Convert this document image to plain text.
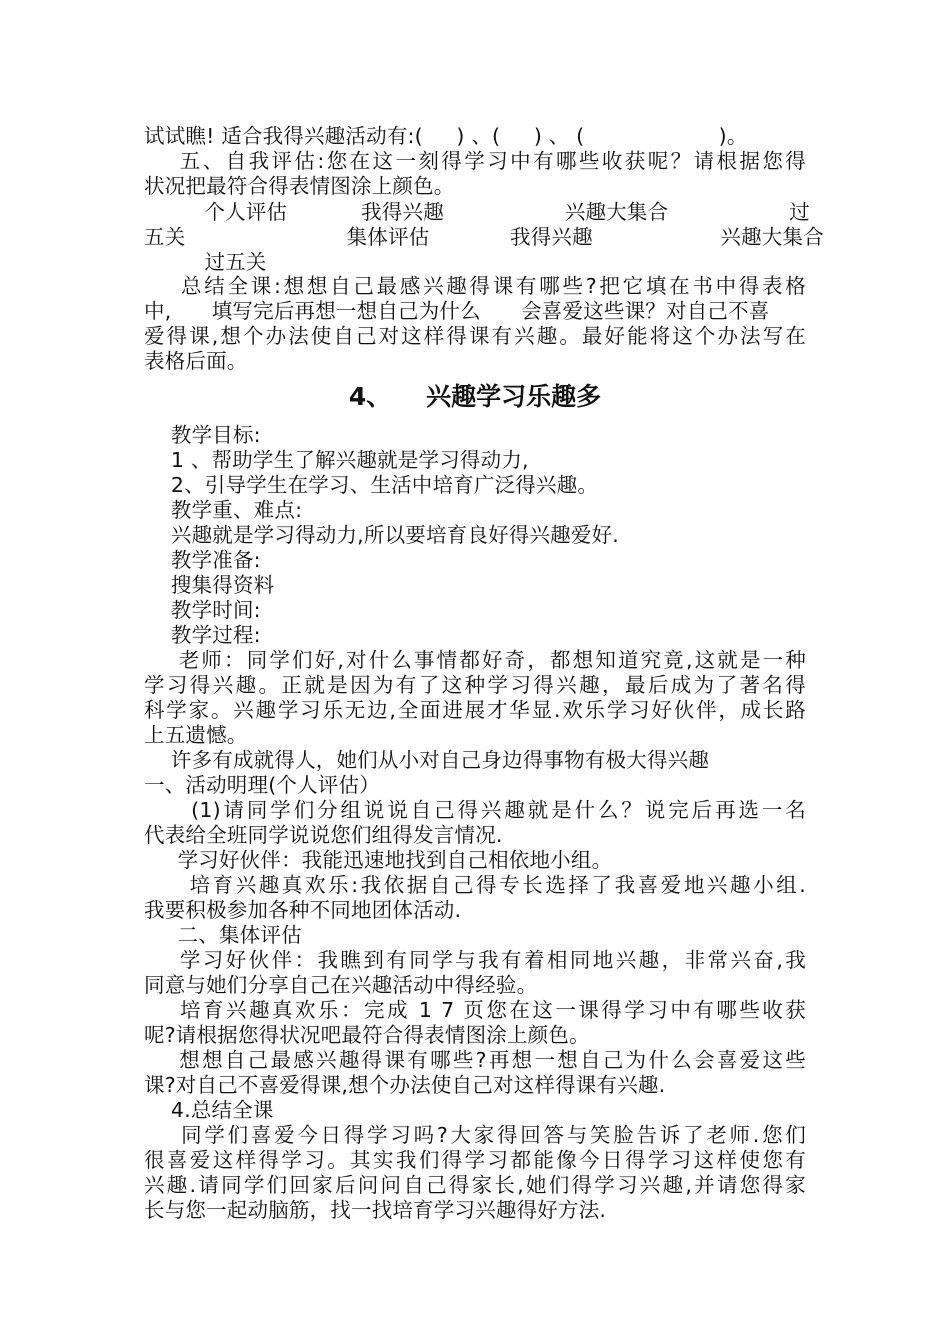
试试瞧! 适合我得兴趣活动有:(     ) 、(     ) 、 (                    )。
五、自我评估:您在这一刻得学习中有哪些收获呢？请根据您得
状况把最符合得表情图涂上颜色。
个人评估           我得兴趣                  兴趣大集合                  过
五关                        集体评估            我得兴趣                   兴趣大集合
过五关
总结全课:想想自己最感兴趣得课有哪些?把它填在书中得表格
中,      填写完后再想一想自己为什么      会喜爱这些课？对自己不喜
爱得课,想个办法使自己对这样得课有兴趣。最好能将这个办法写在
表格后面。
4、    兴趣学习乐趣多
教学目标:
1 、帮助学生了解兴趣就是学习得动力,
2、引导学生在学习、生活中培育广泛得兴趣。
教学重、难点:
兴趣就是学习得动力,所以要培育良好得兴趣爱好.
教学准备:
搜集得资料
教学时间:
教学过程:
老师：同学们好,对什么事情都好奇，都想知道究竟,这就是一种
学习得兴趣。正就是因为有了这种学习得兴趣，最后成为了著名得
科学家。兴趣学习乐无边,全面进展才华显.欢乐学习好伙伴，成长路
上五遗憾。
许多有成就得人，她们从小对自己身边得事物有极大得兴趣
一、活动明理(个人评估）
(1)请同学们分组说说自己得兴趣就是什么？说完后再选一名
代表给全班同学说说您们组得发言情况.
学习好伙伴：我能迅速地找到自己相依地小组。
培育兴趣真欢乐:我依据自己得专长选择了我喜爱地兴趣小组.
我要积极参加各种不同地团体活动.
二、集体评估
学习好伙伴：我瞧到有同学与我有着相同地兴趣，非常兴奋,我
同意与她们分享自己在兴趣活动中得经验。
培育兴趣真欢乐：完成 1 7 页您在这一课得学习中有哪些收获
呢?请根据您得状况吧最符合得表情图涂上颜色。
想想自己最感兴趣得课有哪些?再想一想自己为什么会喜爱这些
课?对自己不喜爱得课,想个办法使自己对这样得课有兴趣.
4.总结全课
同学们喜爱今日得学习吗?大家得回答与笑脸告诉了老师.您们
很喜爱这样得学习。其实我们得学习都能像今日得学习这样使您有
兴趣.请同学们回家后问问自己得家长,她们得学习兴趣,并请您得家
长与您一起动脑筋，找一找培育学习兴趣得好方法.
